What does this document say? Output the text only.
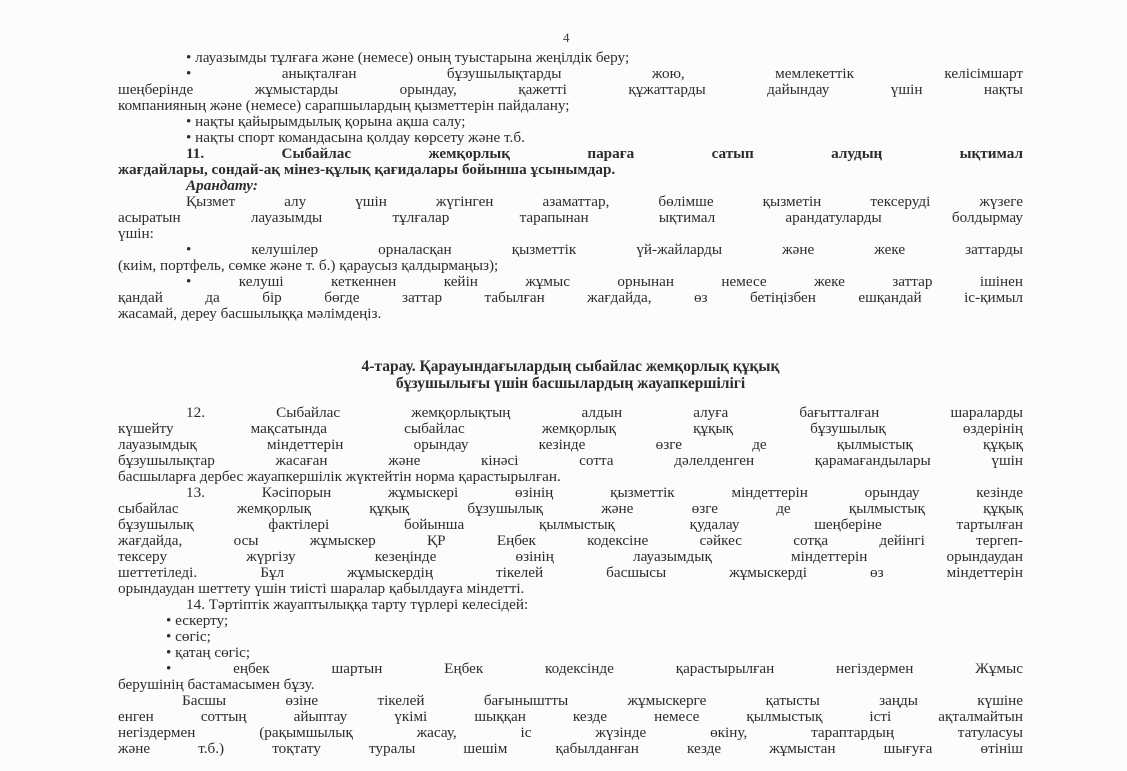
4

• лауазымды тұлғаға және (немесе) оның туыстарына жеңілдік беру;

• анықталған бұзушылықтарды жою, мемлекеттік келісімшарт

шеңберінде жұмыстарды орындау, қажетті құжаттарды дайындау үшін нақты

компанияның және (немесе) сарапшылардың қызметтерін пайдалану;

• нақты қайырымдылық қорына ақша салу;

• нақты спорт командасына қолдау көрсету және т.б.

11. Сыбайлас жемқорлық параға сатып алудың ықтимал

жағдайлары, сондай-ақ мінез-құлық қағидалары бойынша ұсынымдар.

Арандату:

Қызмет алу үшін жүгінген азаматтар, бөлімше қызметін тексеруді жүзеге

асыратын лауазымды тұлғалар тарапынан ықтимал арандатуларды болдырмау

үшін:

• келушілер орналасқан қызметтік үй-жайларды және жеке заттарды

(киім, портфель, сөмке және т. б.) қараусыз қалдырмаңыз);

• келуші кеткеннен кейін жұмыс орнынан немесе жеке заттар ішінен

қандай да бір бөгде заттар табылған жағдайда, өз бетіңізбен ешқандай іс-қимыл

жасамай, дереу басшылыққа мәлімдеңіз.

4-тарау. Қарауындағылардың сыбайлас жемқорлық құқық

бұзушылығы үшін басшылардың жауапкершілігі

12. Сыбайлас жемқорлықтың алдын алуға бағытталған шараларды

күшейту мақсатында сыбайлас жемқорлық құқық бұзушылық өздерінің

лауазымдық міндеттерін орындау кезінде өзге де қылмыстық құқық

бұзушылықтар жасаған және кінәсі сотта дәлелденген қарамағандылары үшін

басшыларға дербес жауапкершілік жүктейтін норма қарастырылған.

13. Кәсіпорын жұмыскері өзінің қызметтік міндеттерін орындау кезінде

сыбайлас жемқорлық құқық бұзушылық және өзге де қылмыстық құқық

бұзушылық фактілері бойынша қылмыстық қудалау шеңберіне тартылған

жағдайда, осы жұмыскер ҚР Еңбек кодексіне сәйкес сотқа дейінгі тергеп-

тексеру жүргізу кезеңінде өзінің лауазымдық міндеттерін орындаудан

шеттетіледі. Бұл жұмыскердің тікелей басшысы жұмыскерді өз міндеттерін

орындаудан шеттету үшін тиісті шаралар қабылдауға міндетті.

14. Тәртіптік жауаптылыққа тарту түрлері келесідей:

• ескерту;

• сөгіс;

• қатаң сөгіс;

• еңбек шартын Еңбек кодексінде қарастырылған негіздермен Жұмыс

берушінің бастамасымен бұзу.

Басшы өзіне тікелей бағыныштты жұмыскерге қатысты заңды күшіне

енген соттың айыптау үкімі шыққан кезде немесе қылмыстық істі ақталмайтын

негіздермен (рақымшылық жасау, іс жүзінде өкіну, тараптардың татуласуы

және т.б.) тоқтату туралы шешім қабылданған кезде жұмыстан шығуға өтініш
